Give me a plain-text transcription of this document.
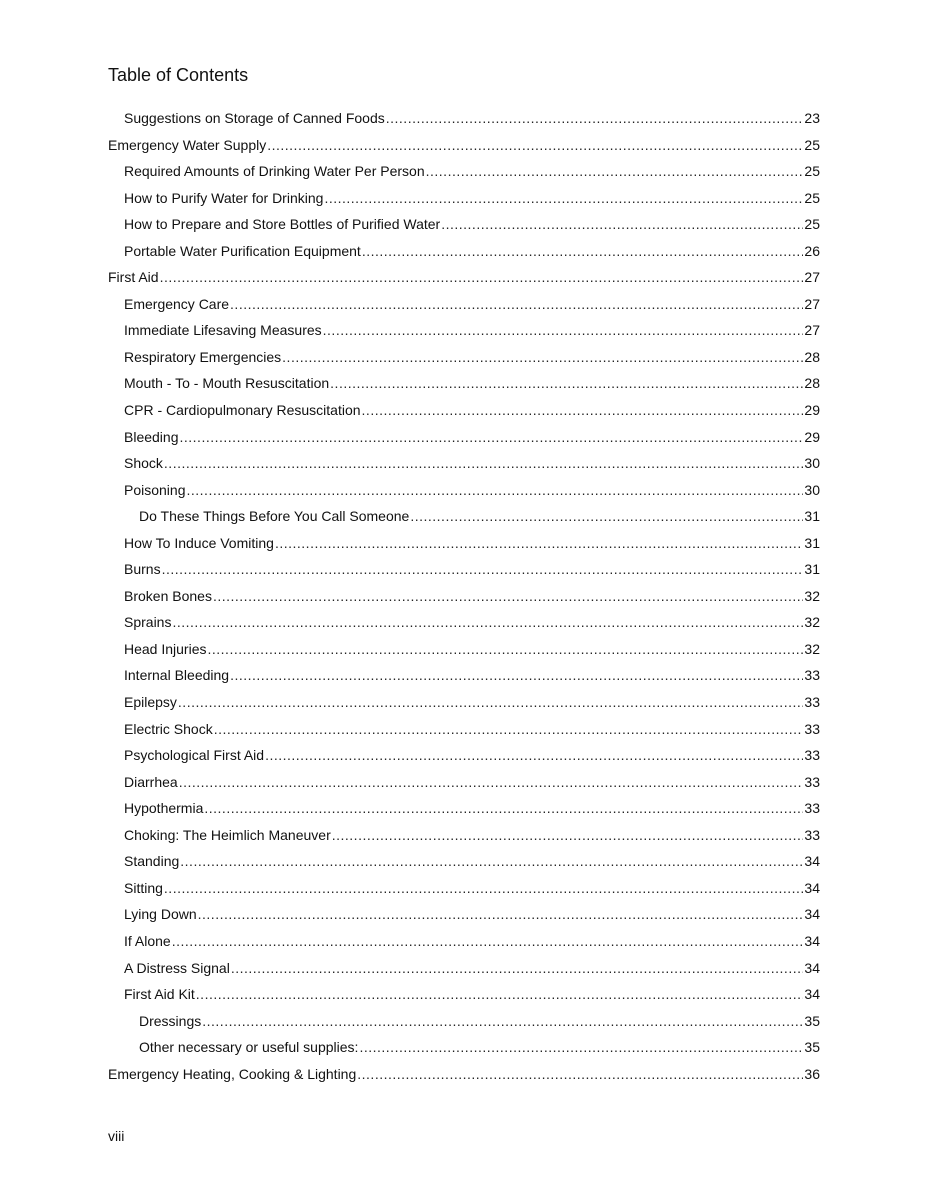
Table of Contents
Suggestions on Storage of Canned Foods .....	23
Emergency Water Supply .....	25
Required Amounts of Drinking Water Per Person .....	25
How to Purify Water for Drinking .....	25
How to Prepare and Store Bottles of Purified Water .....	25
Portable Water Purification Equipment .....	26
First Aid .....	27
Emergency Care .....	27
Immediate Lifesaving Measures .....	27
Respiratory Emergencies .....	28
Mouth - To - Mouth Resuscitation .....	28
CPR - Cardiopulmonary Resuscitation .....	29
Bleeding .....	29
Shock .....	30
Poisoning .....	30
Do These Things Before You Call Someone .....	31
How To Induce Vomiting .....	31
Burns .....	31
Broken Bones .....	32
Sprains .....	32
Head Injuries .....	32
Internal Bleeding .....	33
Epilepsy .....	33
Electric Shock .....	33
Psychological First Aid .....	33
Diarrhea .....	33
Hypothermia .....	33
Choking: The Heimlich Maneuver .....	33
Standing .....	34
Sitting .....	34
Lying Down .....	34
If Alone .....	34
A Distress Signal .....	34
First Aid Kit .....	34
Dressings .....	35
Other necessary or useful supplies: .....	35
Emergency Heating, Cooking & Lighting .....	36
viii
